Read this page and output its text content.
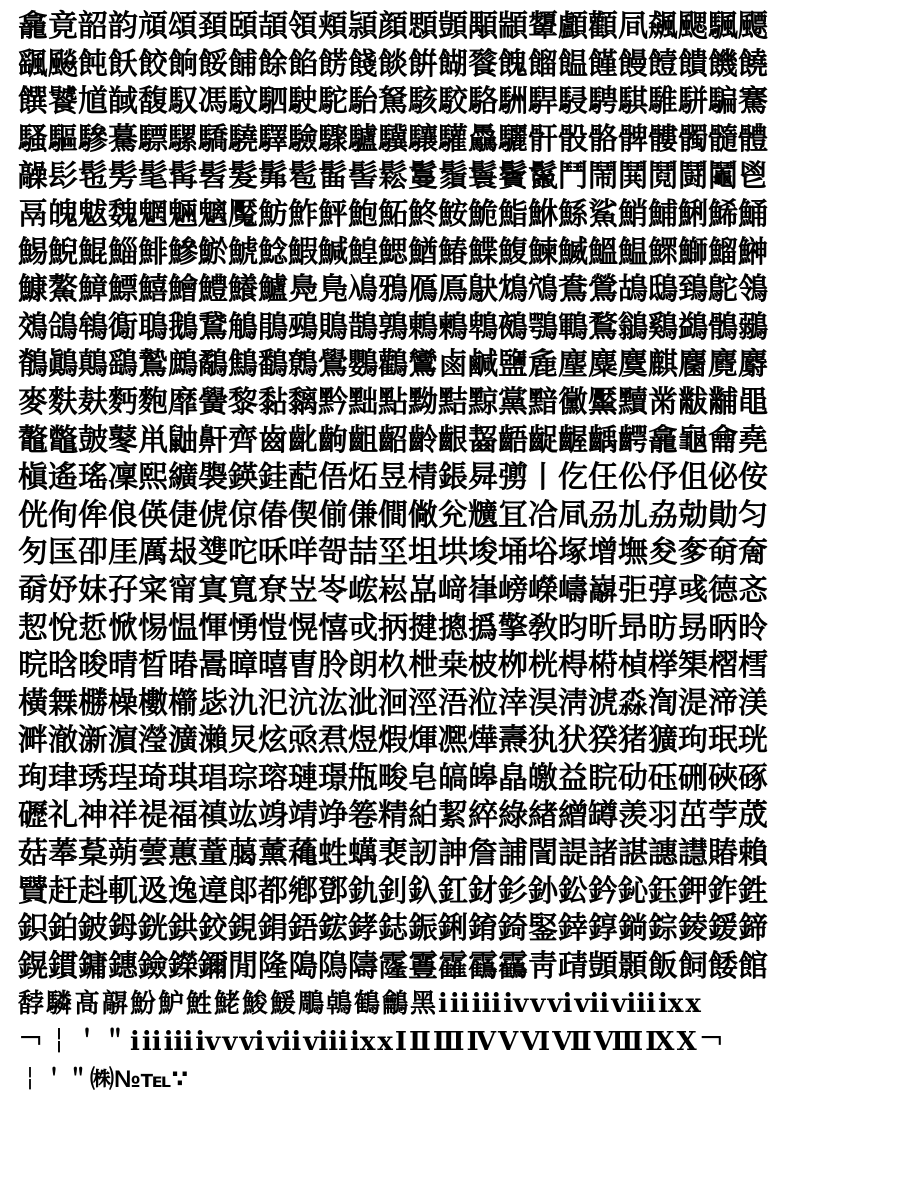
龕竟韶韵頏頌頚頣頡領頬頴顔顋顗顒顓顰顱顴凬飆颸颿飃
颻飈飩飫餃餉餒餔餘餡餝餞餤餠餬餮餽餾饂饉饅饐饋饑饒
饌饕馗馘馥馭馮馼駟駛駝駘駑駭駮駱駲駻駸騁騏騅駢騙騫
騷驅驂驀驃騾驕驍驛驗驟驢驥驤驩驫驪骭骰骼髀髏髑髓體
髞髟髢髣髦髯髫髮髴髱髷髻鬆鬘鬚鬟鬢鬣鬥鬧鬨鬩鬪鬮鬯
鬲魄魃魏魍魎魑魘魴鮓鮃鮑鮖鮗鮟鮠鮨鮴鯀鯊鮹鯆鯏鯑鯒
鯣鯢鯤鯔鯡鰺鯲鯱鯰鰕鰔鰉鰓鰌鰆鰈鰒鰊鰄鰮鰛鰥鰤鰡鰰
鱇鰲鱆鰾鱚鱠鱧鱶鱸鳧鳬鳰鴉鴈鳫鴃鴆鴪鴦鶯鴣鴟鵄鴕鴒
鵁鴿鴾鵆鵈鵝鵞鵤鵑鵐鵙鵲鶉鶇鶫鵯鵺鶚鶤鶩鶲鷄鷁鶻鶸
鶺鷆鷏鷂鷙鷓鷸鷦鷭鷯鷽鸚鸛鸞鹵鹹鹽麁麈麋麌麒麕麑麝
麥麩麸麪麭靡黌黎黏黐黔黜點黝黠黥黨黯黴黶黷黹黻黼黽
鼇鼈皷鼕鼡鼬鼾齊齒齔齣齟齠齡齦齧齬齪齷齲齶龕龜龠堯
槇遙瑤凜熙纊褜鍈銈蓜俉炻昱棈鋹曻彅丨仡仼伀伃伹佖侒
侊侚侔俍偀倢俿倞偆偰偂傔僴僘兊兤冝冾凬刕劜劦勀勛匀
匇匤卲厓厲叝﨎咜咊咩哿喆坙坥垬埈埇﨏塚增墲夋奓奛奝
奣妤妺孖寀甯寘寬尞岦岺峵崧嵓﨑嵂嵭嶸嶹巐弡弴彧德忞
恝悅悊惞惕愠惲愑愷愰憘戓抦揵摠撝擎敎昀昕昻昉昮昞昤
晥晗晙晴晳暙暠暲暿曺朎朗杦枻桒柀栁桄棏﨓楨﨔榘槢樰
橫橆橳橾櫢櫤毖氿汜沆汯泚洄涇浯涖涬淏淸淲淼渹湜渧渼
溿澈澵濵瀅瀇瀨炅炫焏焄煜煆煇凞燁燾犱犾猤猪獷玽珉珖
珣珒琇珵琦琪琩琮瑢璉璟甁畯皂皜皞皛皦益睆劯砡硎硤硺
礰礼神祥禔福禛竑竧靖竫箞精絈絜綷綠緖繒罇羡羽茁荢荿
菇菶葈蒴蕓蕙蕫﨟薰蘒﨡蠇裵訒訷詹誧誾諟諸諶譓譿賰賴
贒赶﨣軏﨤逸遧郞都鄕鄧釚釗釞釭釮釤釥鈆鈐鈊鈺鉀鈼鉎
鉙鉑鈹鉧銧鉷鉸鋧鋗鋙鋐﨧鋕鋠鋓錥錡鋻﨨錞鋿錝錂鍰鍗
鎤鏆鏞鏸鐱鑅鑈閒隆﨩隝隯霳霻靃靍靏靑靕顗顥飯飼餧館
馞驎髙髜魵魲鮏鮱鮻鰀鵰鵫鶴鸙黑ⅰⅱⅲⅳⅴⅵⅶⅷⅸⅹ
￢￤＇＂ⅰⅱⅲⅳⅴⅵⅶⅷⅸⅹⅠⅡⅢⅣⅤⅥⅦⅧⅨⅩ￢
￤＇＂㈱№℡∵
